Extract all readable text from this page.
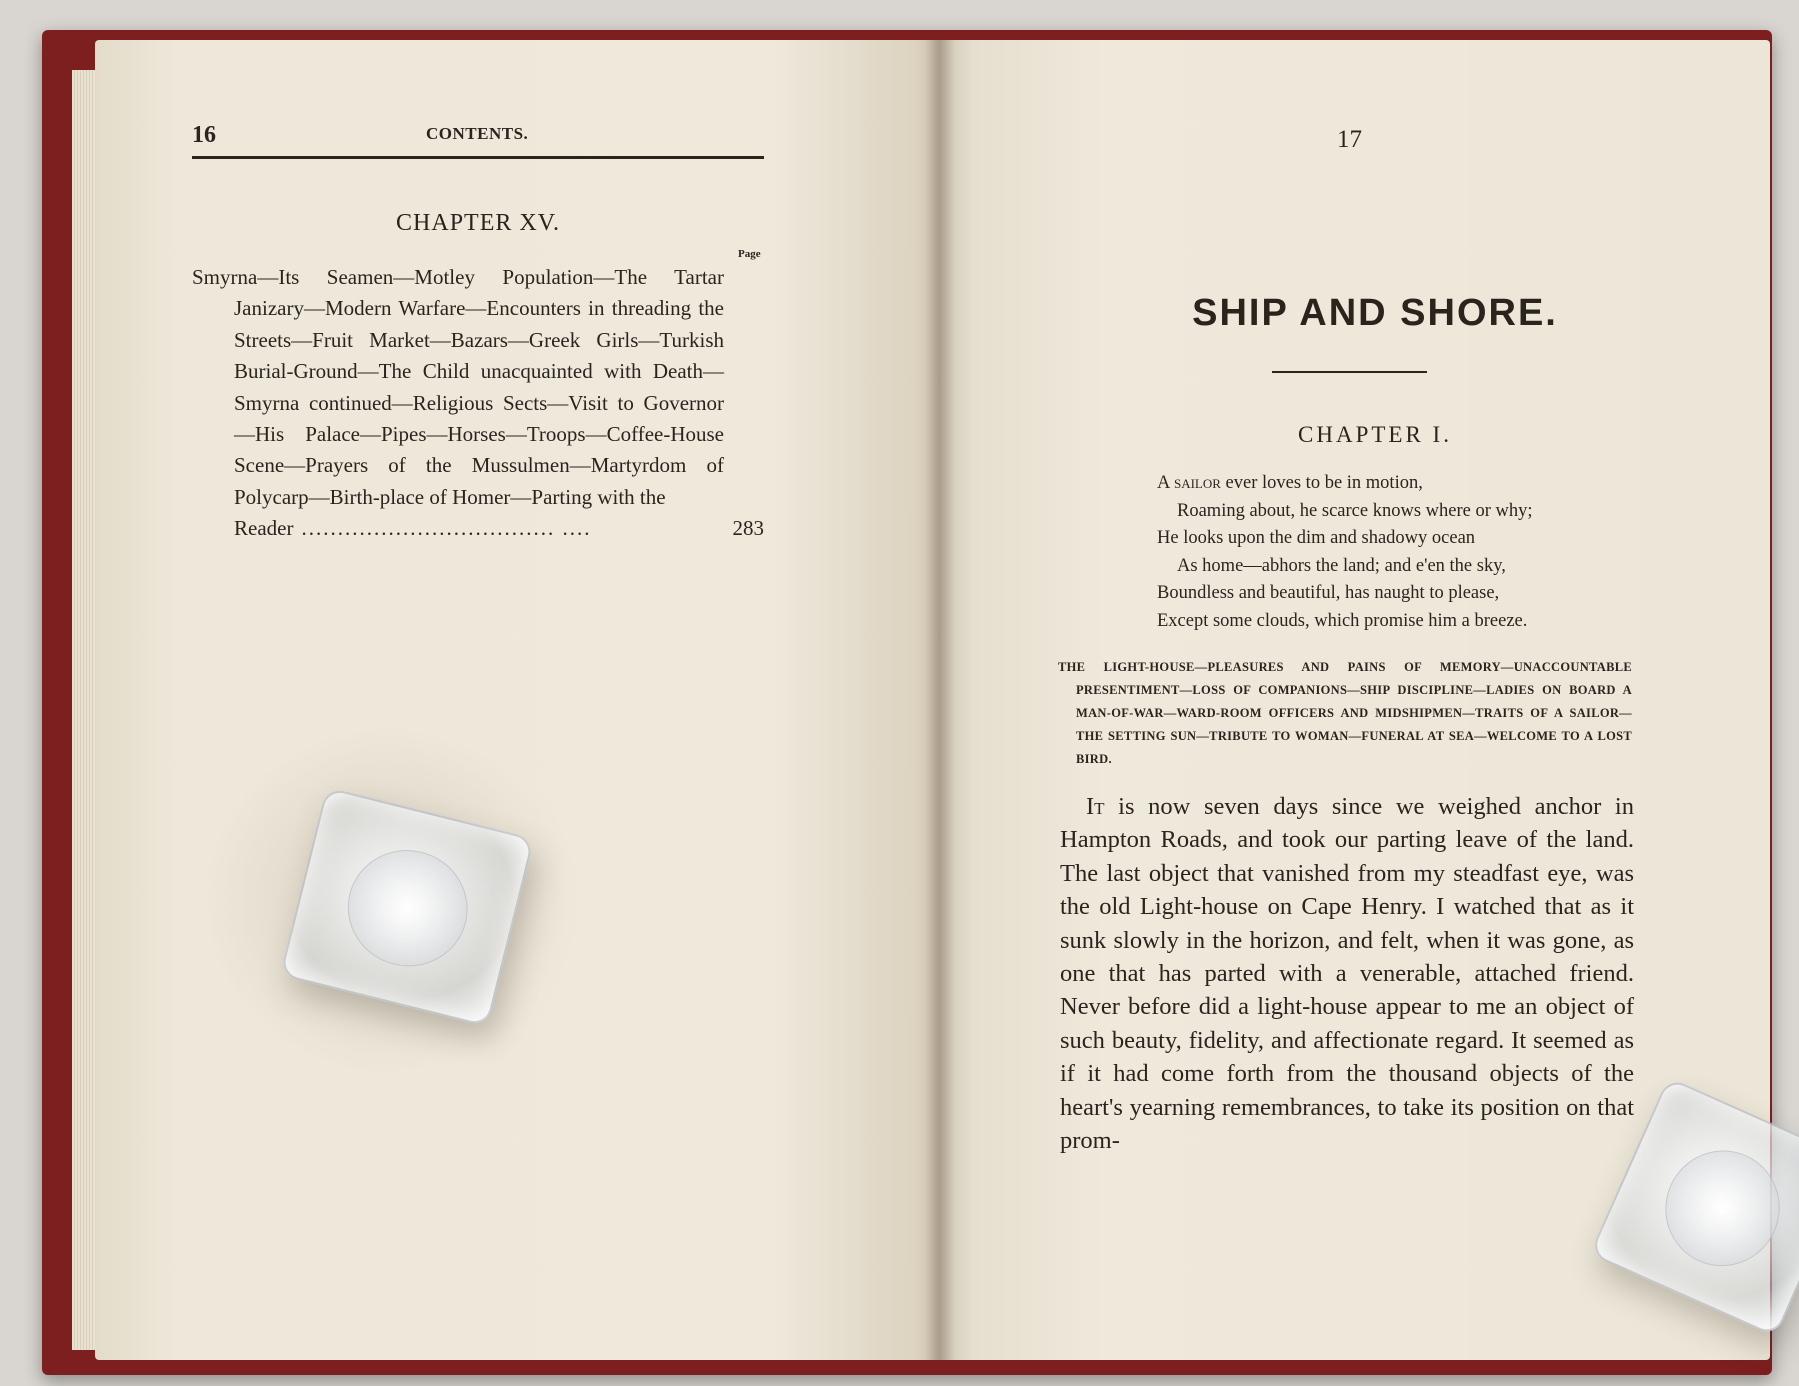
16	CONTENTS.
CHAPTER XV.
Page
Smyrna—Its Seamen—Motley Population—The Tartar Janizary—Modern Warfare—Encounters in threading the Streets—Fruit Market—Bazars—Greek Girls—Turkish Burial-Ground—The Child unacquainted with Death—Smyrna continued—Religious Sects—Visit to Governor—His Palace—Pipes—Horses—Troops—Coffee-House Scene—Prayers of the Mussulmen—Martyrdom of Polycarp—Birth-place of Homer—Parting with the
Reader ................................... ....	283
17
SHIP AND SHORE.
CHAPTER I.
A sailor ever loves to be in motion,
Roaming about, he scarce knows where or why;
He looks upon the dim and shadowy ocean
As home—abhors the land; and e'en the sky,
Boundless and beautiful, has naught to please,
Except some clouds, which promise him a breeze.

THE LIGHT-HOUSE—PLEASURES AND PAINS OF MEMORY—UNACCOUNTABLE PRESENTIMENT—LOSS OF COMPANIONS—SHIP DISCIPLINE—LADIES ON BOARD A MAN-OF-WAR—WARD-ROOM OFFICERS AND MIDSHIPMEN—TRAITS OF A SAILOR—THE SETTING SUN—TRIBUTE TO WOMAN—FUNERAL AT SEA—WELCOME TO A LOST BIRD.

It is now seven days since we weighed anchor in Hampton Roads, and took our parting leave of the land. The last object that vanished from my steadfast eye, was the old Light-house on Cape Henry. I watched that as it sunk slowly in the horizon, and felt, when it was gone, as one that has parted with a venerable, attached friend. Never before did a light-house appear to me an object of such beauty, fidelity, and affectionate regard. It seemed as if it had come forth from the thousand objects of the heart's yearning remembrances, to take its position on that prom-
